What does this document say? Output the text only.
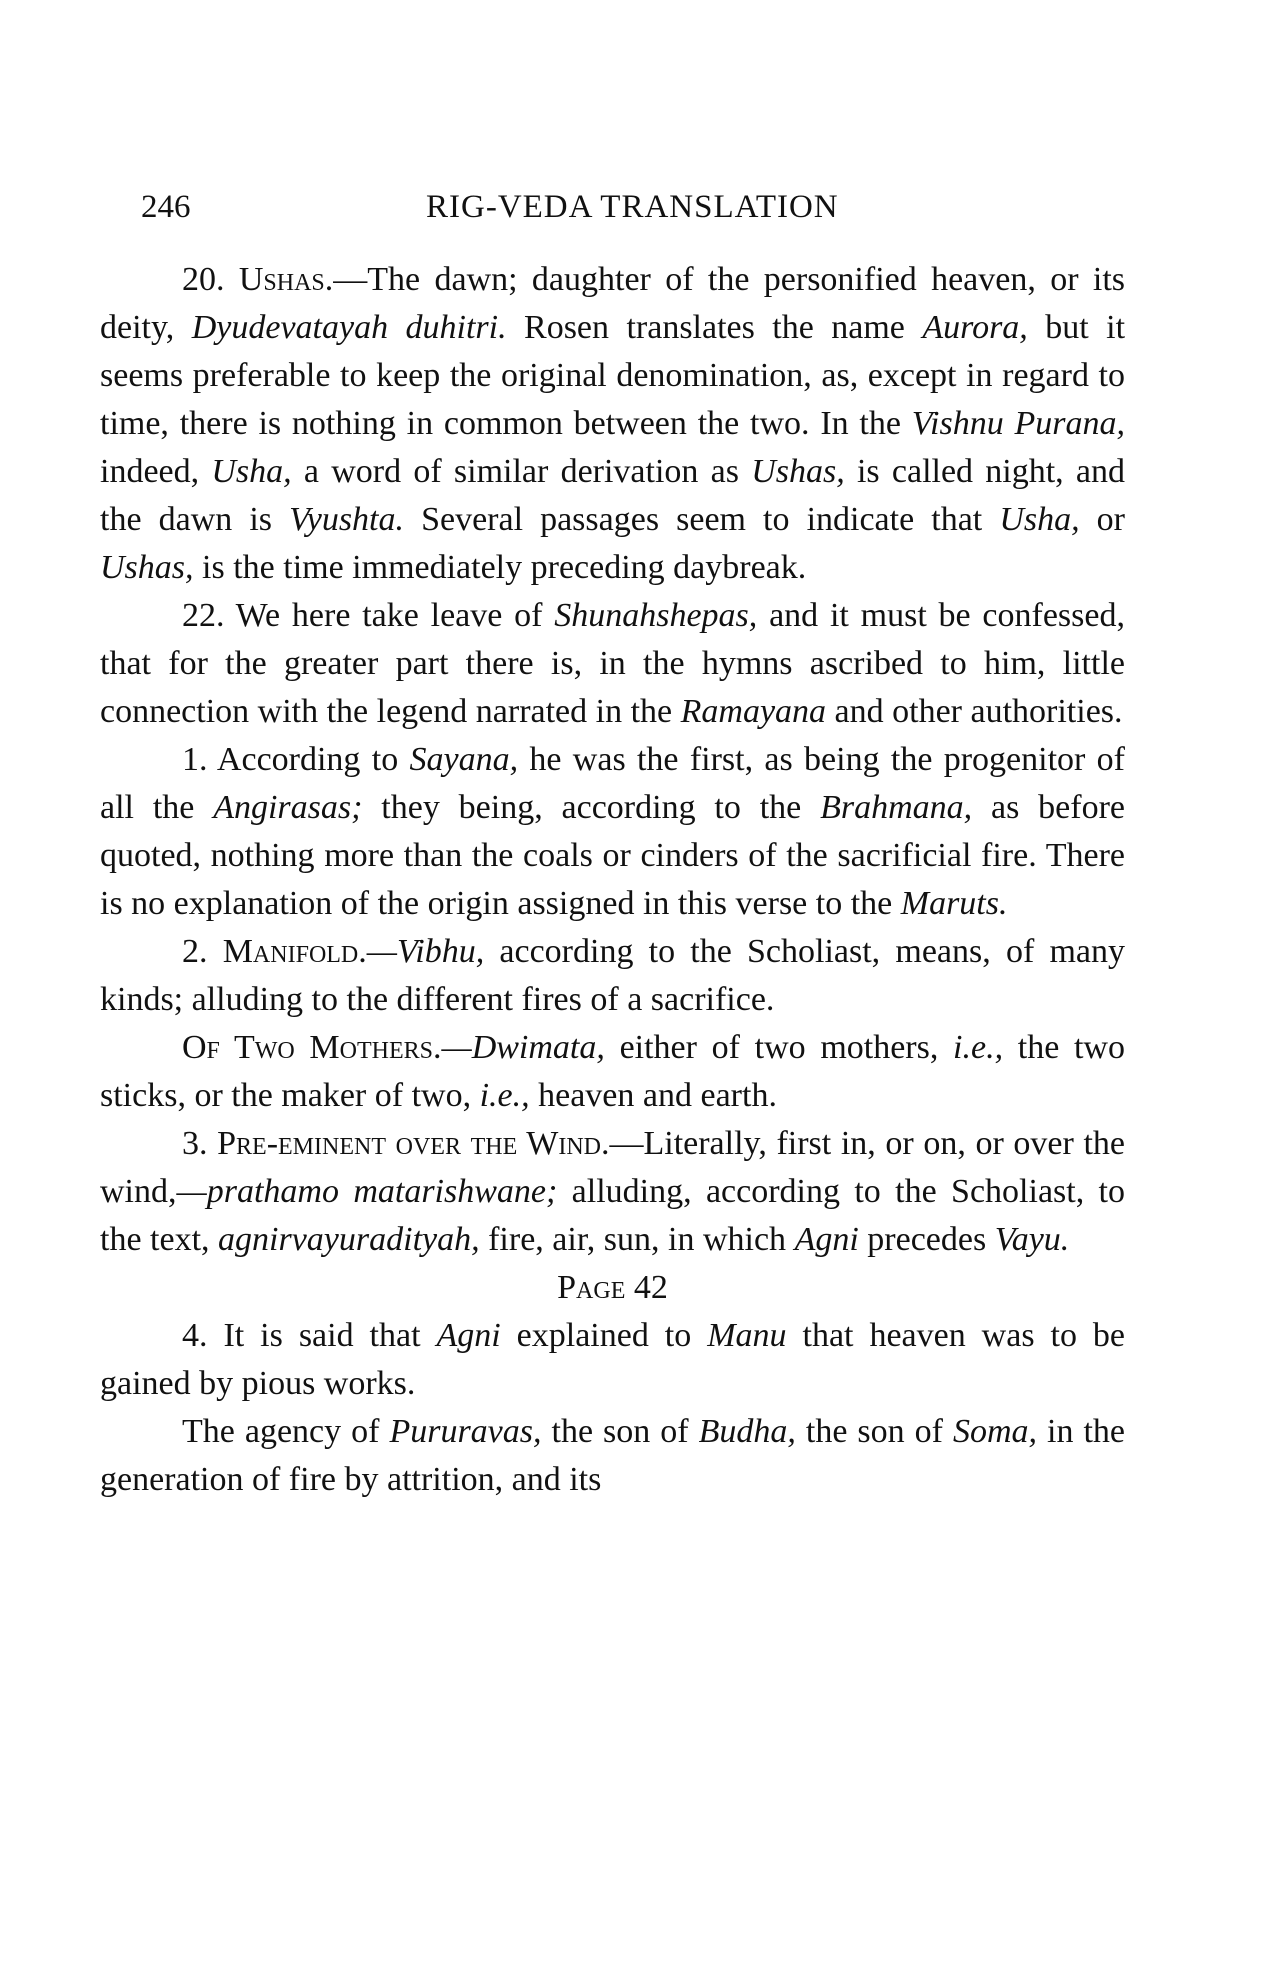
246	RIG-VEDA TRANSLATION

20. Ushas.—The dawn; daughter of the personified heaven, or its deity, Dyudevatayah duhitri. Rosen translates the name Aurora, but it seems preferable to keep the original denomination, as, except in regard to time, there is nothing in common between the two. In the Vishnu Purana, indeed, Usha, a word of similar derivation as Ushas, is called night, and the dawn is Vyushta. Several passages seem to indicate that Usha, or Ushas, is the time immediately preceding daybreak.

22. We here take leave of Shunahshepas, and it must be confessed, that for the greater part there is, in the hymns ascribed to him, little connection with the legend narrated in the Ramayana and other authorities.

1. According to Sayana, he was the first, as being the progenitor of all the Angirasas; they being, according to the Brahmana, as before quoted, nothing more than the coals or cinders of the sacrificial fire. There is no explanation of the origin assigned in this verse to the Maruts.

2. Manifold.—Vibhu, according to the Scholiast, means, of many kinds; alluding to the different fires of a sacrifice.

Of Two Mothers.—Dwimata, either of two mothers, i.e., the two sticks, or the maker of two, i.e., heaven and earth.

3. Pre-eminent over the Wind.—Literally, first in, or on, or over the wind,—prathamo matarishwane; alluding, according to the Scholiast, to the text, agnirvayuradityah, fire, air, sun, in which Agni precedes Vayu.

Page 42

4. It is said that Agni explained to Manu that heaven was to be gained by pious works.

The agency of Pururavas, the son of Budha, the son of Soma, in the generation of fire by attrition, and its
